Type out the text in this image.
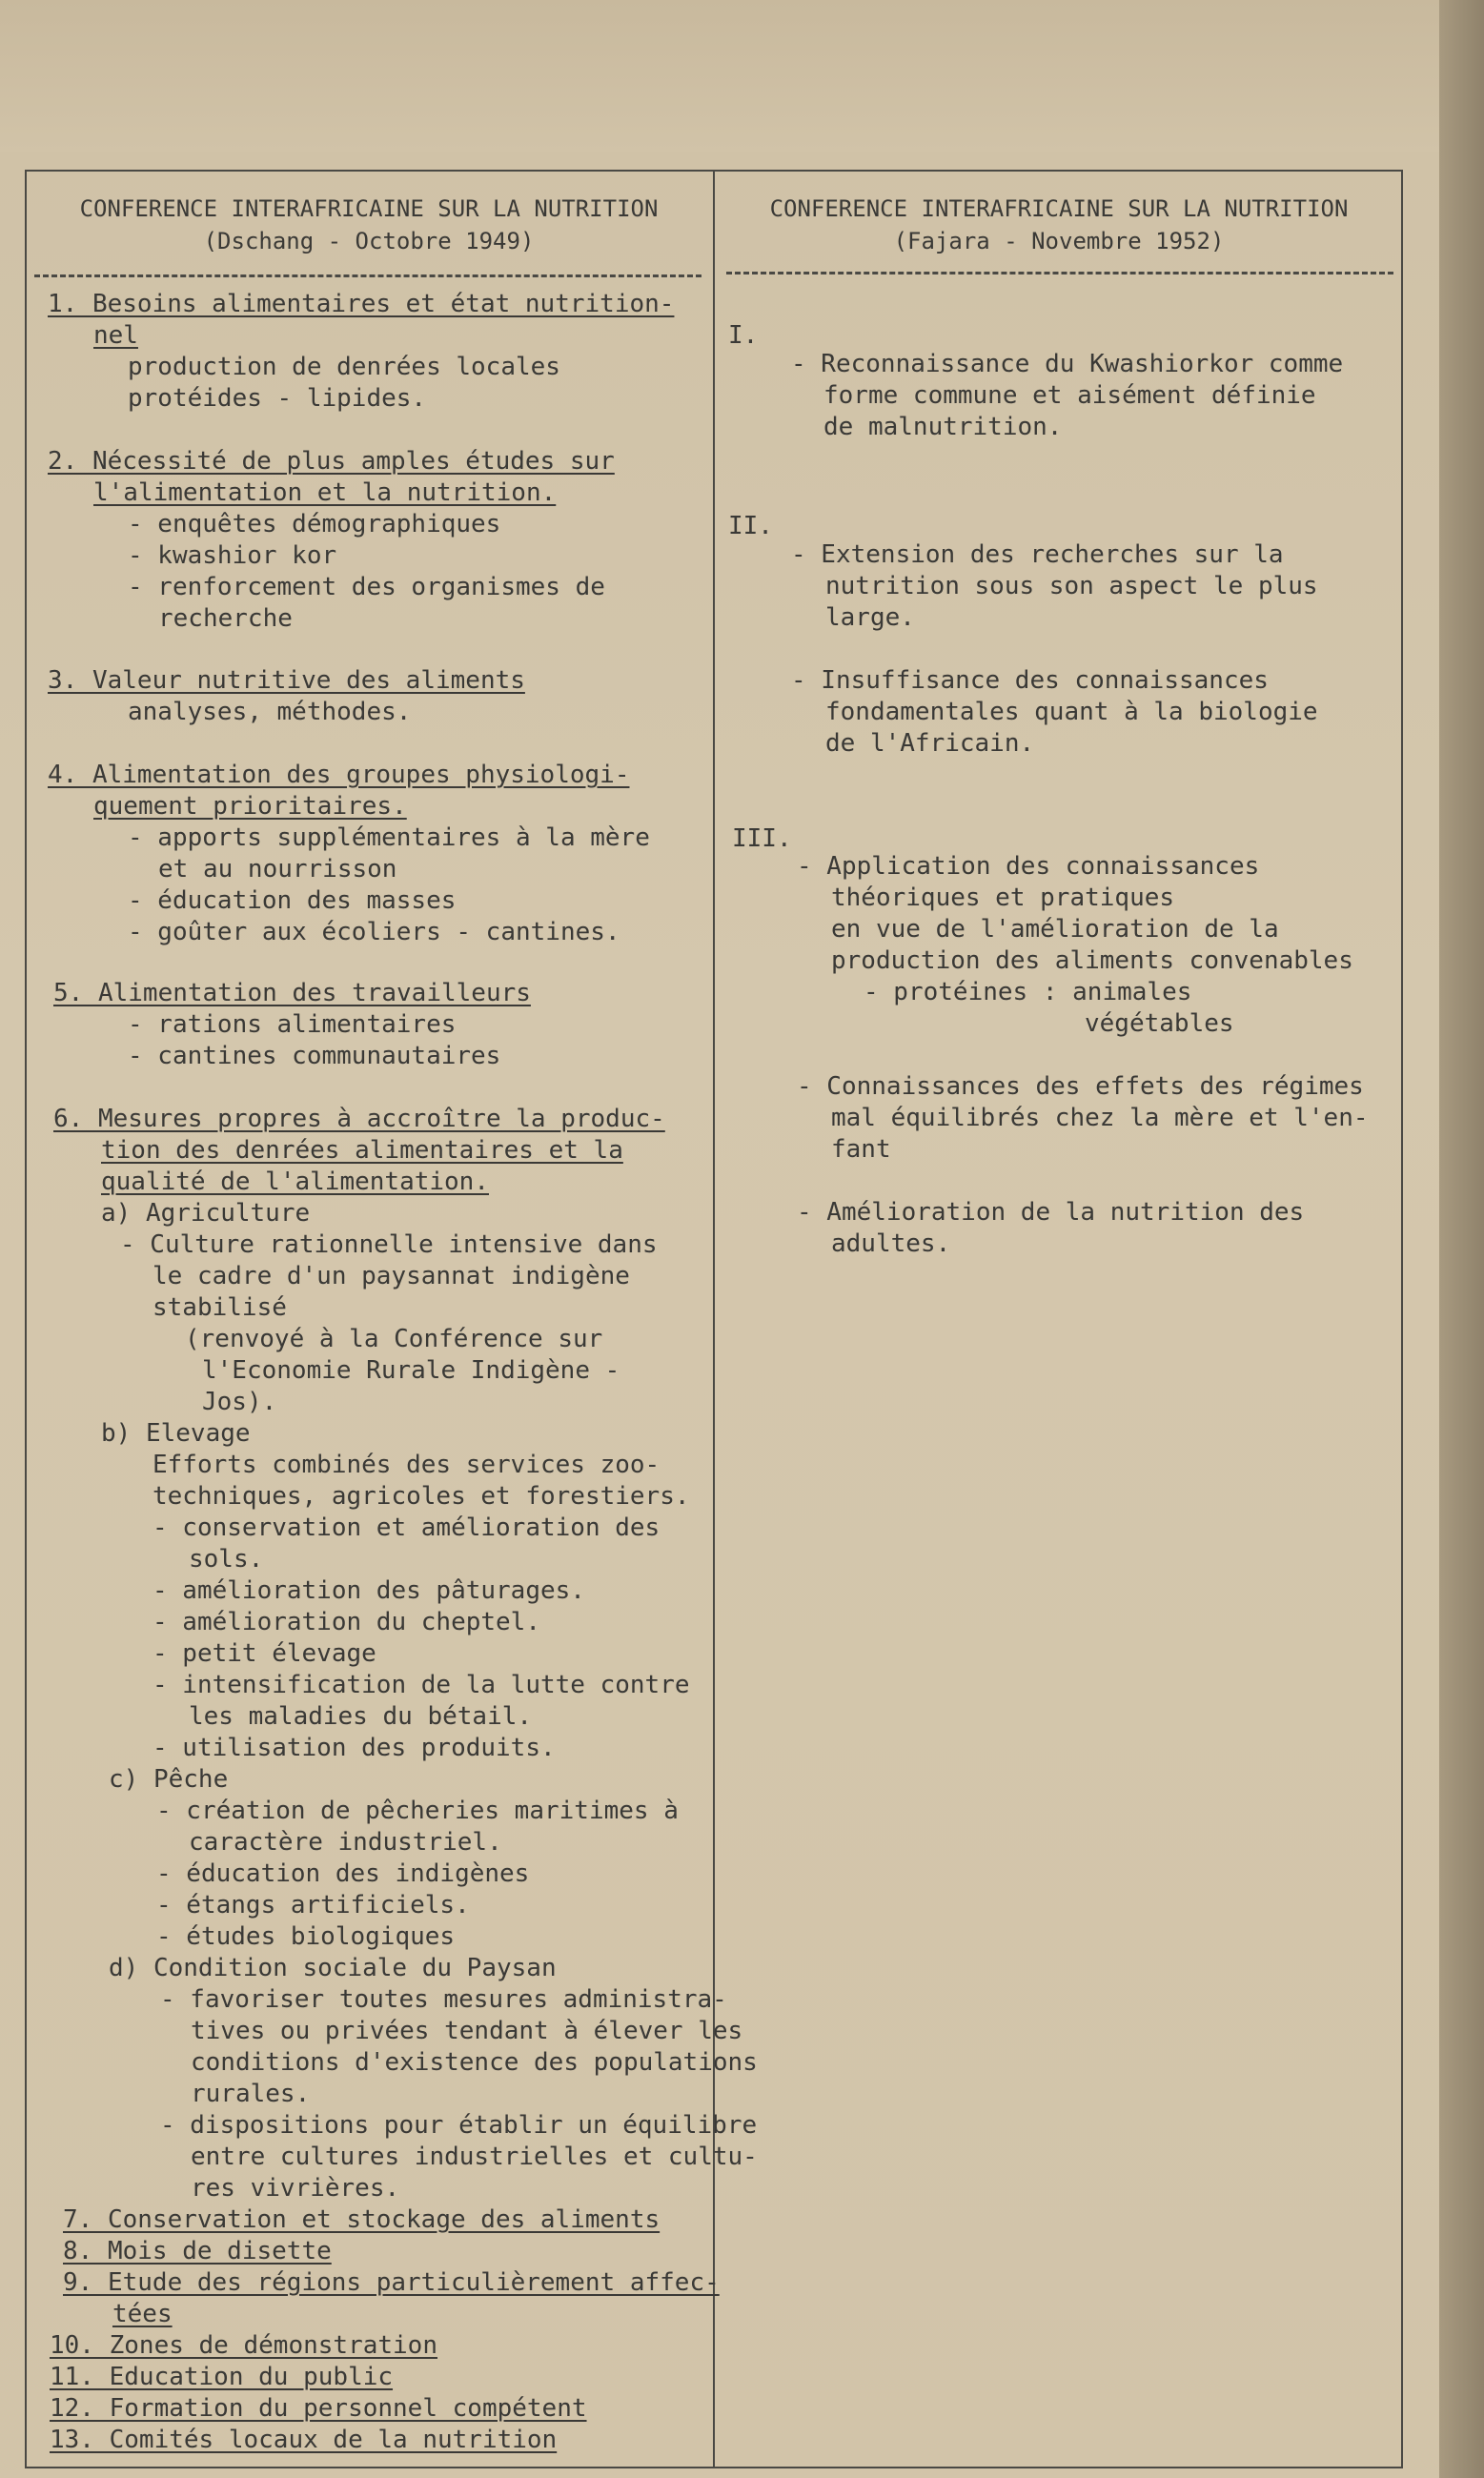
CONFERENCE INTERAFRICAINE SUR LA NUTRITION
(Dschang - Octobre 1949)
CONFERENCE INTERAFRICAINE SUR LA NUTRITION
(Fajara - Novembre 1952)
1. Besoins alimentaires et état nutrition-
nel
production de denrées locales
protéides - lipides.
2. Nécessité de plus amples études sur
l'alimentation et la nutrition.
- enquêtes démographiques
- kwashior kor
- renforcement des organismes de
recherche
3. Valeur nutritive des aliments
analyses, méthodes.
4. Alimentation des groupes physiologi-
quement prioritaires.
- apports supplémentaires à la mère
et au nourrisson
- éducation des masses
- goûter aux écoliers - cantines.
5. Alimentation des travailleurs
- rations alimentaires
- cantines communautaires
6. Mesures propres à accroître la produc-
tion des denrées alimentaires et la
qualité de l'alimentation.
a) Agriculture
- Culture rationnelle intensive dans
le cadre d'un paysannat indigène
stabilisé
(renvoyé à la Conférence sur
l'Economie Rurale Indigène -
Jos).
b) Elevage
Efforts combinés des services zoo-
techniques, agricoles et forestiers.
- conservation et amélioration des
sols.
- amélioration des pâturages.
- amélioration du cheptel.
- petit élevage
- intensification de la lutte contre
les maladies du bétail.
- utilisation des produits.
c) Pêche
- création de pêcheries maritimes à
caractère industriel.
- éducation des indigènes
- étangs artificiels.
- études biologiques
d) Condition sociale du Paysan
- favoriser toutes mesures administra-
tives ou privées tendant à élever les
conditions d'existence des populations
rurales.
- dispositions pour établir un équilibre
entre cultures industrielles et cultu-
res vivrières.
7. Conservation et stockage des aliments
8. Mois de disette
9. Etude des régions particulièrement affec-
tées
10. Zones de démonstration
11. Education du public
12. Formation du personnel compétent
13. Comités locaux de la nutrition
I.
- Reconnaissance du Kwashiorkor comme
forme commune et aisément définie
de malnutrition.
II.
- Extension des recherches sur la
nutrition sous son aspect le plus
large.
- Insuffisance des connaissances
fondamentales quant à la biologie
de l'Africain.
III.
- Application des connaissances
théoriques et pratiques
en vue de l'amélioration de la
production des aliments convenables
- protéines : animales
végétables
- Connaissances des effets des régimes
mal équilibrés chez la mère et l'en-
fant
- Amélioration de la nutrition des
adultes.
